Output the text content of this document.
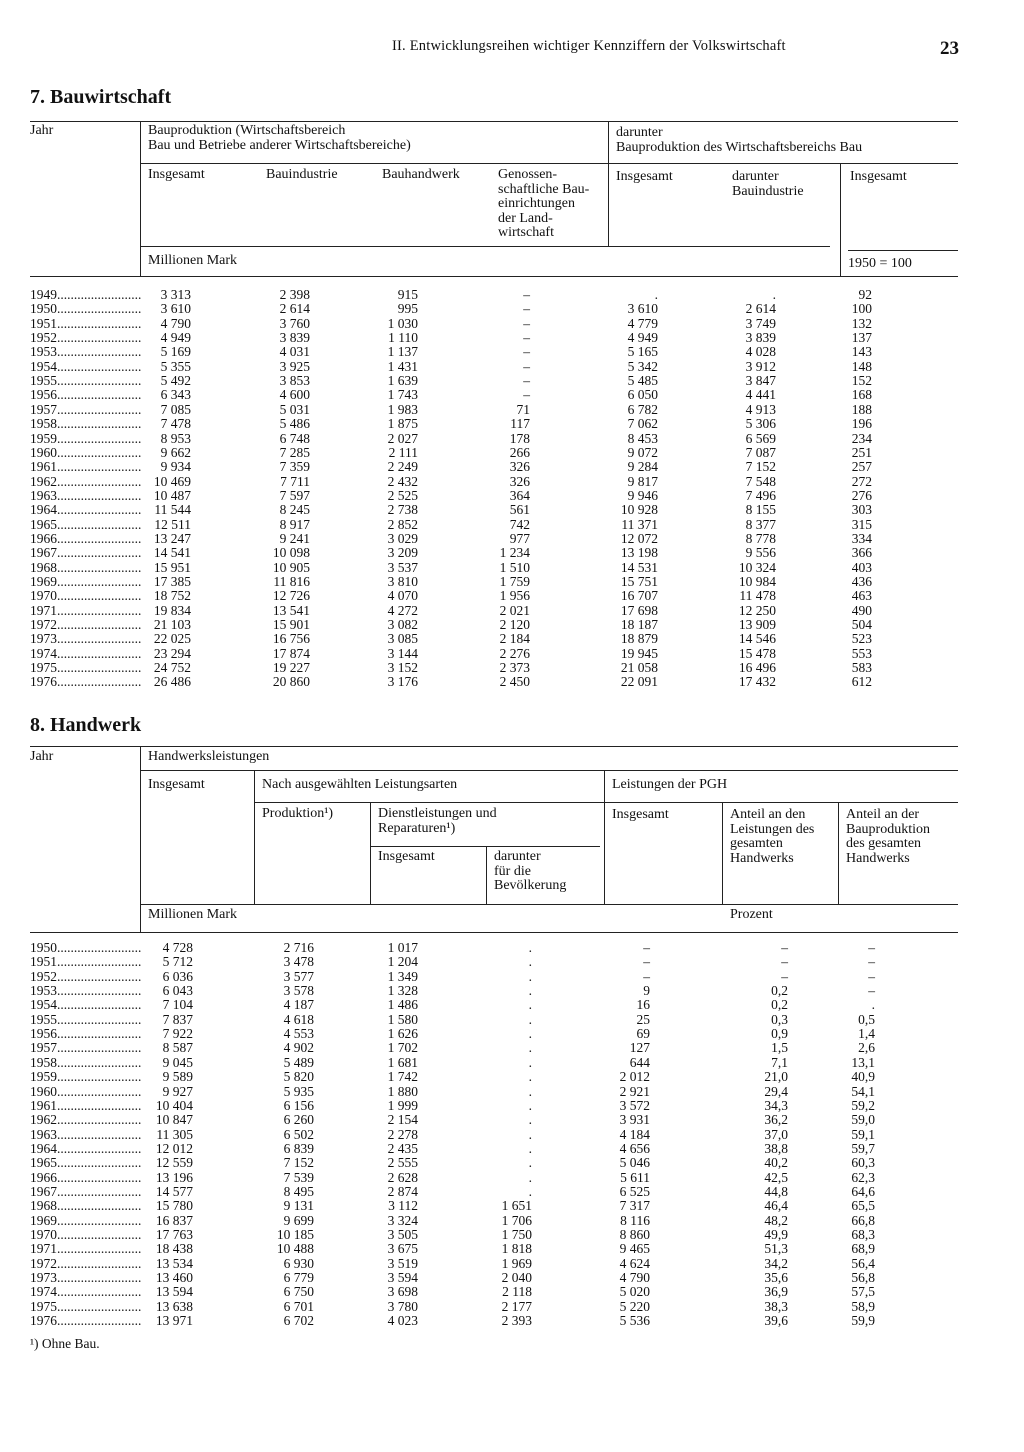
II. Entwicklungsreihen wichtiger Kennziffern der Volkswirtschaft	23
7. Bauwirtschaft
Jahr	Bauproduktion (Wirtschaftsbereich
Bau und Betriebe anderer Wirtschaftsbereiche)
darunter
Bauproduktion des Wirtschaftsbereichs Bau
Insgesamt	Bauindustrie	Bauhandwerk	Genossen-
schaftliche Bau-
einrichtungen
der Land-
wirtschaft
Insgesamt	darunter
Bauindustrie
Insgesamt
Millionen Mark	1950 = 100
1949.........................	3 313	2 398	915	–	.	.	92
1950.........................	3 610	2 614	995	–	3 610	2 614	100
1951.........................	4 790	3 760	1 030	–	4 779	3 749	132
1952.........................	4 949	3 839	1 110	–	4 949	3 839	137
1953.........................	5 169	4 031	1 137	–	5 165	4 028	143
1954.........................	5 355	3 925	1 431	–	5 342	3 912	148
1955.........................	5 492	3 853	1 639	–	5 485	3 847	152
1956.........................	6 343	4 600	1 743	–	6 050	4 441	168
1957.........................	7 085	5 031	1 983	71	6 782	4 913	188
1958.........................	7 478	5 486	1 875	117	7 062	5 306	196
1959.........................	8 953	6 748	2 027	178	8 453	6 569	234
1960.........................	9 662	7 285	2 111	266	9 072	7 087	251
1961.........................	9 934	7 359	2 249	326	9 284	7 152	257
1962......................... 10 469	7 711	2 432	326	9 817	7 548	272
1963......................... 10 487	7 597	2 525	364	9 946	7 496	276
1964......................... 11 544	8 245	2 738	561	10 928	8 155	303
1965......................... 12 511	8 917	2 852	742	11 371	8 377	315
1966......................... 13 247	9 241	3 029	977	12 072	8 778	334
1967......................... 14 541	10 098	3 209	1 234	13 198	9 556	366
1968......................... 15 951	10 905	3 537	1 510	14 531	10 324	403
1969......................... 17 385	11 816	3 810	1 759	15 751	10 984	436
1970......................... 18 752	12 726	4 070	1 956	16 707	11 478	463
1971......................... 19 834	13 541	4 272	2 021	17 698	12 250	490
1972......................... 21 103	15 901	3 082	2 120	18 187	13 909	504
1973......................... 22 025	16 756	3 085	2 184	18 879	14 546	523
1974......................... 23 294	17 874	3 144	2 276	19 945	15 478	553
1975......................... 24 752	19 227	3 152	2 373	21 058	16 496	583
1976......................... 26 486	20 860	3 176	2 450	22 091	17 432	612
8. Handwerk
Jahr	Handwerksleistungen
Insgesamt	Nach ausgewählten Leistungsarten	Leistungen der PGH
Produktion¹)	Dienstleistungen und
Reparaturen¹)
Insgesamt	Anteil an den
Leistungen des
gesamten
Handwerks
Anteil an der
Bauproduktion
des gesamten
Handwerks
Insgesamt	darunter
für die
Bevölkerung
Millionen Mark	Prozent
1950.........................	4 728	2 716	1 017	.	–	–	–
1951.........................	5 712	3 478	1 204	.	–	–	–
1952.........................	6 036	3 577	1 349	.	–	–	–
1953.........................	6 043	3 578	1 328	.	9	0,2	–
1954.........................	7 104	4 187	1 486	.	16	0,2	.
1955.........................	7 837	4 618	1 580	.	25	0,3	0,5
1956.........................	7 922	4 553	1 626	.	69	0,9	1,4
1957.........................	8 587	4 902	1 702	.	127	1,5	2,6
1958.........................	9 045	5 489	1 681	.	644	7,1	13,1
1959.........................	9 589	5 820	1 742	.	2 012	21,0	40,9
1960.........................	9 927	5 935	1 880	.	2 921	29,4	54,1
1961.........................	10 404	6 156	1 999	.	3 572	34,3	59,2
1962.........................	10 847	6 260	2 154	.	3 931	36,2	59,0
1963.........................	11 305	6 502	2 278	.	4 184	37,0	59,1
1964.........................	12 012	6 839	2 435	.	4 656	38,8	59,7
1965.........................	12 559	7 152	2 555	.	5 046	40,2	60,3
1966.........................	13 196	7 539	2 628	.	5 611	42,5	62,3
1967.........................	14 577	8 495	2 874	.	6 525	44,8	64,6
1968.........................	15 780	9 131	3 112	1 651	7 317	46,4	65,5
1969.........................	16 837	9 699	3 324	1 706	8 116	48,2	66,8
1970.........................	17 763	10 185	3 505	1 750	8 860	49,9	68,3
1971.........................	18 438	10 488	3 675	1 818	9 465	51,3	68,9
1972.........................	13 534	6 930	3 519	1 969	4 624	34,2	56,4
1973.........................	13 460	6 779	3 594	2 040	4 790	35,6	56,8
1974.........................	13 594	6 750	3 698	2 118	5 020	36,9	57,5
1975.........................	13 638	6 701	3 780	2 177	5 220	38,3	58,9
1976.........................	13 971	6 702	4 023	2 393	5 536	39,6	59,9
¹) Ohne Bau.
